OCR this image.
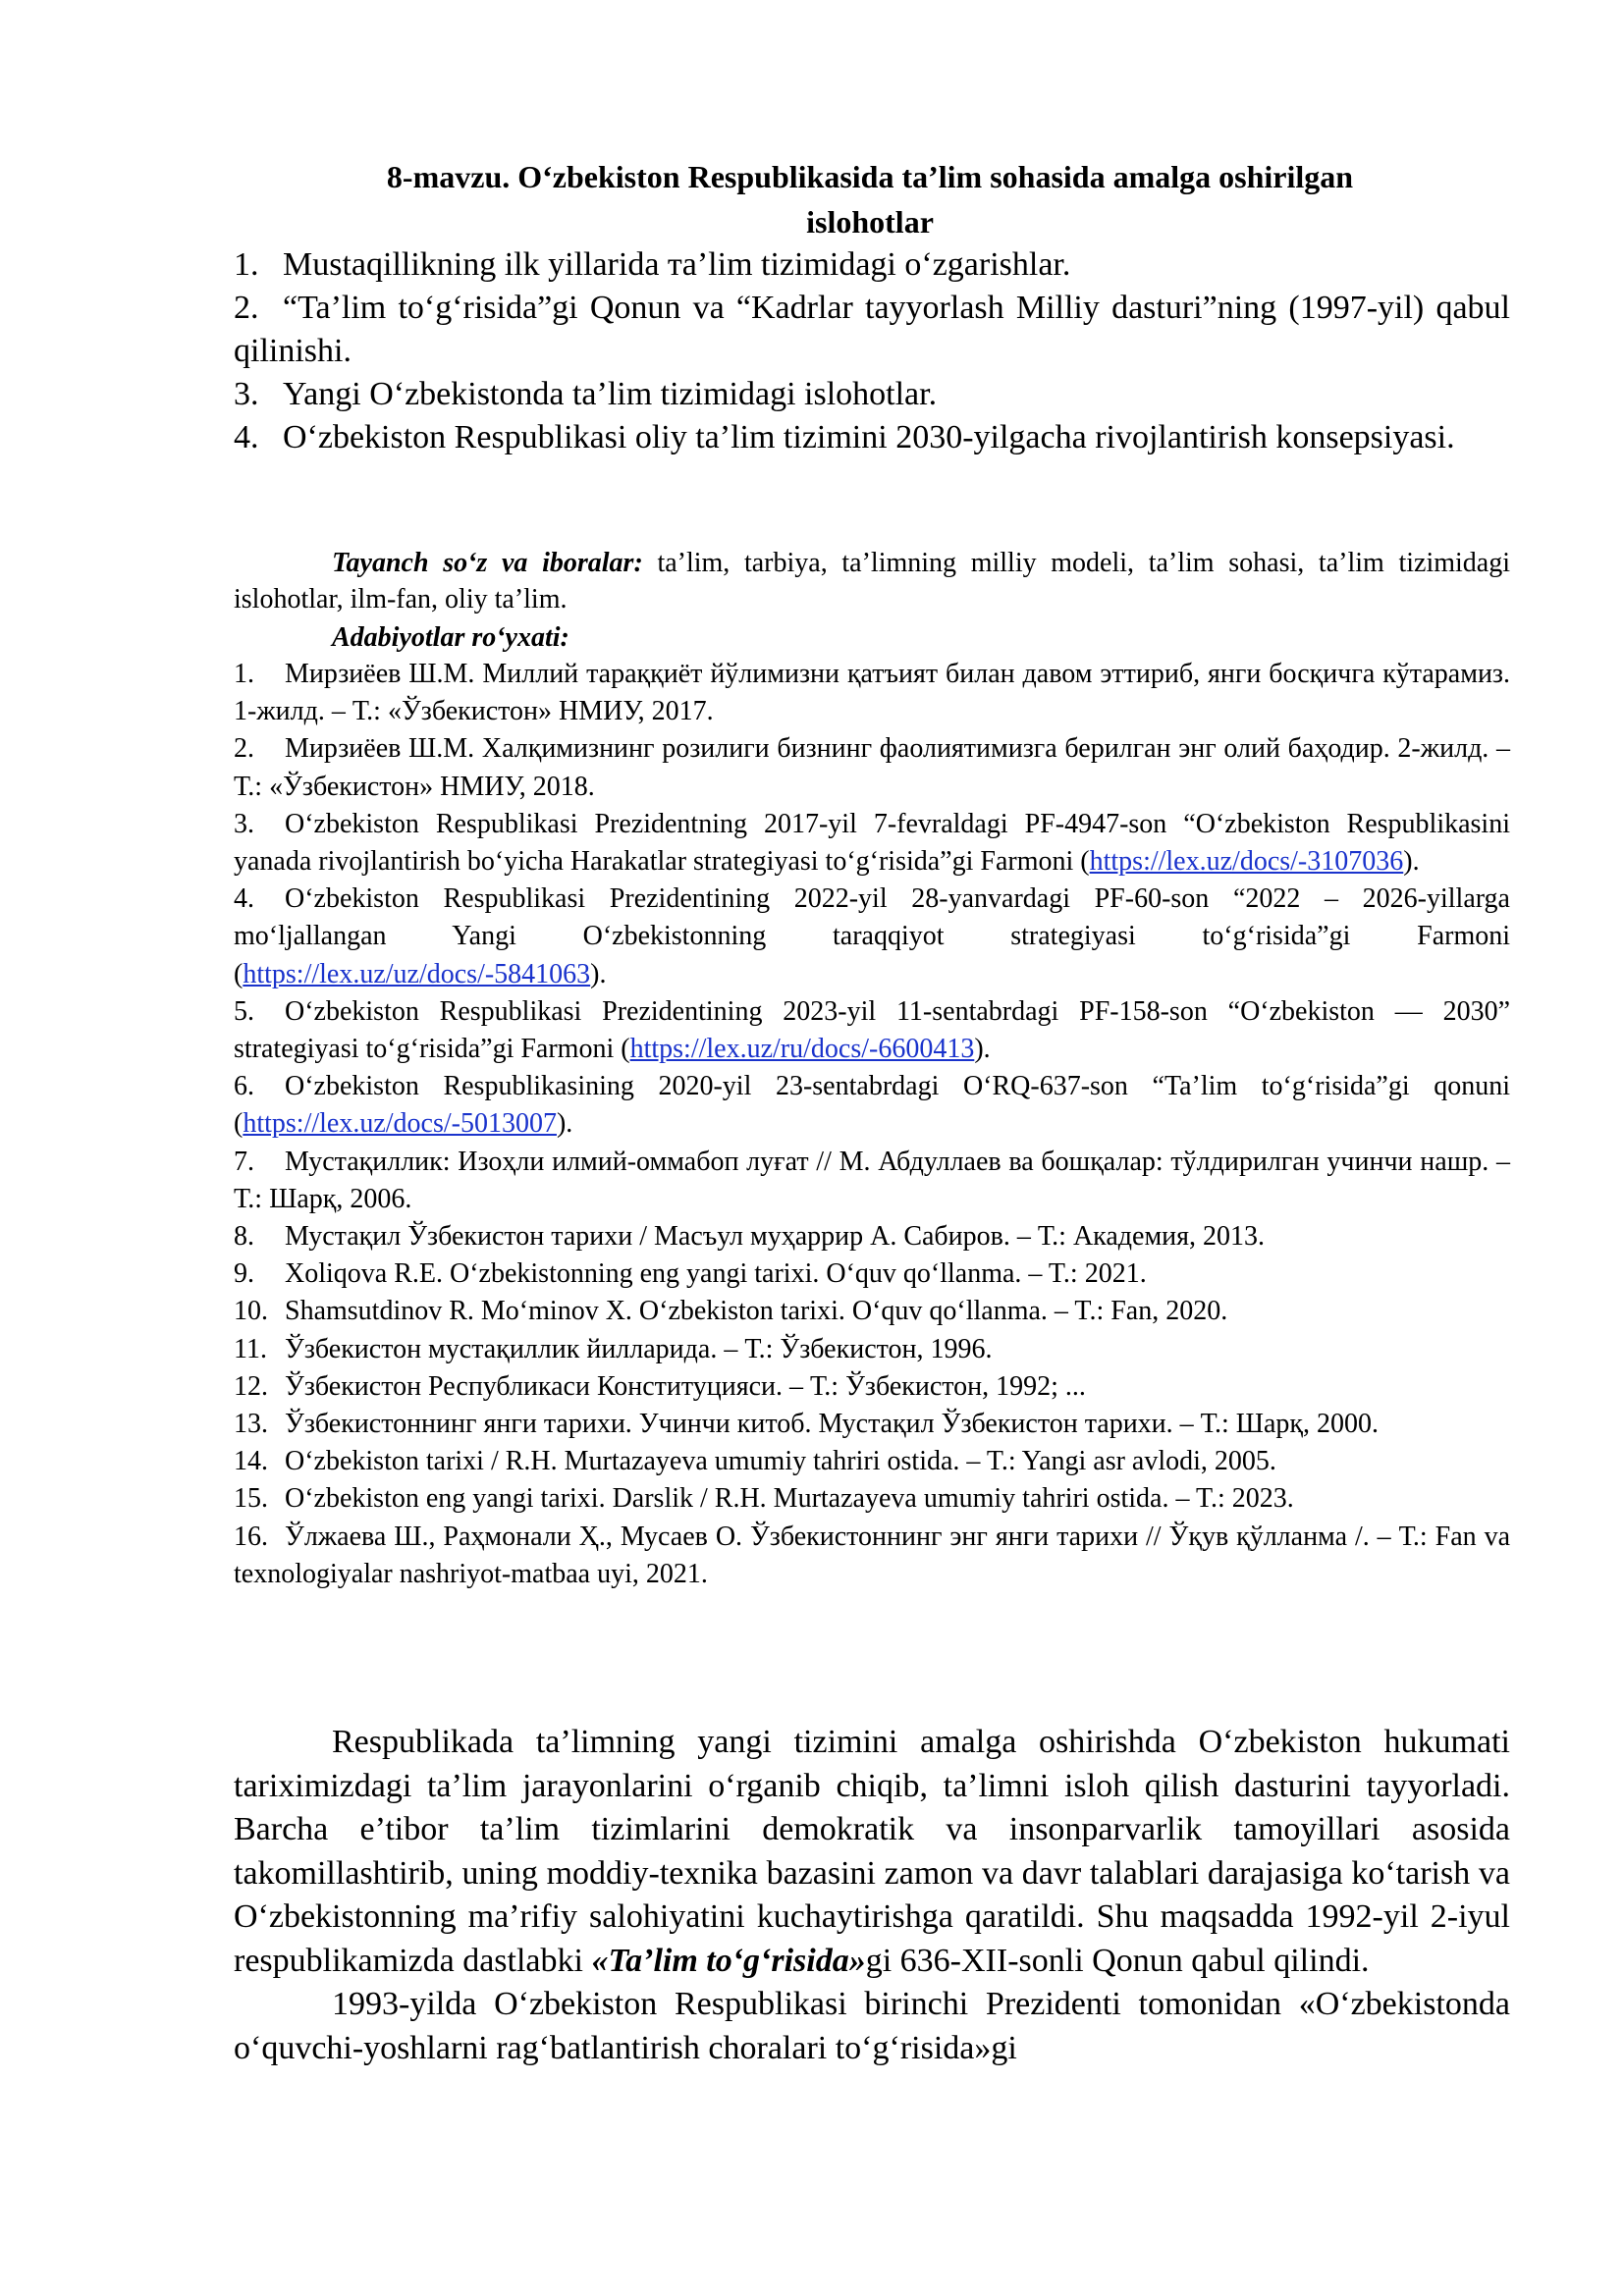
8-mavzu. O‘zbekiston Respublikasida ta’lim sohasida amalga oshirilgan
islohotlar

1. Mustaqillikning ilk yillarida тa’lim tizimidagi o‘zgarishlar.

2. “Ta’lim to‘g‘risida”gi Qonun va “Kadrlar tayyorlash Milliy dasturi”ning (1997-yil) qabul qilinishi.

3. Yangi O‘zbekistonda ta’lim tizimidagi islohotlar.

4. O‘zbekiston Respublikasi oliy ta’lim tizimini 2030-yilgacha rivojlantirish konsepsiyasi.

Tayanch so‘z va iboralar: ta’lim, tarbiya, ta’limning milliy modeli, ta’lim sohasi, ta’lim tizimidagi islohotlar, ilm-fan, oliy ta’lim.
Adabiyotlar ro‘yxati:

1. Мирзиёев Ш.М. Миллий тараққиёт йўлимизни қатъият билан давом эттириб, янги босқичга кўтарамиз. 1-жилд. – Т.: «Ўзбекистон» НМИУ, 2017.

2. Мирзиёев Ш.М. Халқимизнинг розилиги бизнинг фаолиятимизга берилган энг олий баҳодир. 2-жилд. – Т.: «Ўзбекистон» НМИУ, 2018.

3. O‘zbekiston Respublikasi Prezidentning 2017-yil 7-fevraldagi PF-4947-son “O‘zbekiston Respublikasini yanada rivojlantirish bo‘yicha Harakatlar strategiyasi to‘g‘risida”gi Farmoni (https://lex.uz/docs/-3107036).

4. O‘zbekiston Respublikasi Prezidentining 2022-yil 28-yanvardagi PF-60-son “2022 – 2026-yillarga mo‘ljallangan Yangi O‘zbekistonning taraqqiyot strategiyasi to‘g‘risida”gi Farmoni (https://lex.uz/uz/docs/-5841063).

5. O‘zbekiston Respublikasi Prezidentining 2023-yil 11-sentabrdagi PF-158-son “O‘zbekiston — 2030” strategiyasi to‘g‘risida”gi Farmoni (https://lex.uz/ru/docs/-6600413).

6. O‘zbekiston Respublikasining 2020-yil 23-sentabrdagi O‘RQ-637-son “Ta’lim to‘g‘risida”gi qonuni (https://lex.uz/docs/-5013007).

7. Мустақиллик: Изоҳли илмий-оммабоп луғат // М. Абдуллаев ва бошқалар: тўлдирилган учинчи нашр. – Т.: Шарқ, 2006.

8. Мустақил Ўзбекистон тарихи / Масъул муҳаррир А. Сабиров. – Т.: Академия, 2013.

9. Xoliqova R.E. O‘zbekistonning eng yangi tarixi. O‘quv qo‘llanma. – T.: 2021.

10. Shamsutdinov R. Mo‘minov X. O‘zbekiston tarixi. O‘quv qo‘llanma. – T.: Fan, 2020.

11. Ўзбекистон мустақиллик йилларида. – Т.: Ўзбекистон, 1996.

12. Ўзбекистон Республикаси Конституцияси. – Т.: Ўзбекистон, 1992; ...

13. Ўзбекистоннинг янги тарихи. Учинчи китоб. Мустақил Ўзбекистон тарихи. – Т.: Шарқ, 2000.

14. O‘zbekiston tarixi / R.H. Murtazayeva umumiy tahriri ostida. – T.: Yangi asr avlodi, 2005.

15. O‘zbekiston eng yangi tarixi. Darslik / R.H. Murtazayeva umumiy tahriri ostida. – T.: 2023.

16. Ўлжаева Ш., Раҳмонали Ҳ., Мусаев О. Ўзбекистоннинг энг янги тарихи // Ўқув қўлланма /. – Т.: Fan va texnologiyalar nashriyot-matbaa uyi, 2021.

Respublikada ta’limning yangi tizimini amalga oshirishda O‘zbekiston hukumati tariximizdagi ta’lim jarayonlarini o‘rganib chiqib, ta’limni isloh qilish dasturini tayyorladi. Barcha e’tibor ta’lim tizimlarini demokratik va insonparvarlik tamoyillari asosida takomillashtirib, uning moddiy-texnika bazasini zamon va davr talablari darajasiga ko‘tarish va O‘zbekistonning ma’rifiy salohiyatini kuchaytirishga qaratildi. Shu maqsadda 1992-yil 2-iyul respublikamizda dastlabki «Ta’lim to‘g‘risida»gi 636-XII-sonli Qonun qabul qilindi.

1993-yilda O‘zbekiston Respublikasi birinchi Prezidenti tomonidan «O‘zbekistonda o‘quvchi-yoshlarni rag‘batlantirish choralari to‘g‘risida»gi
